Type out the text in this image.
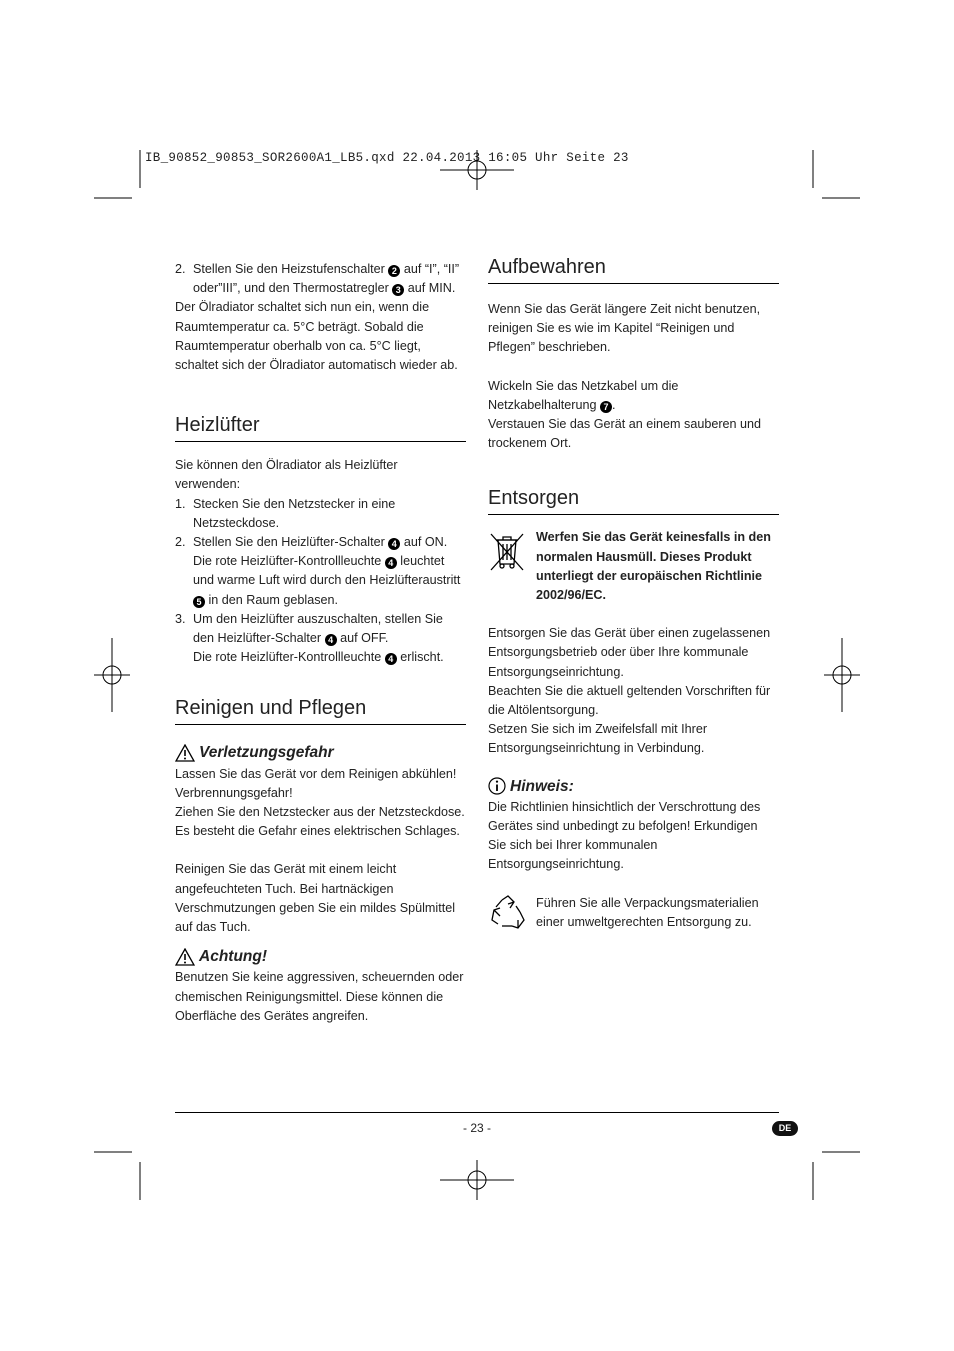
IB_90852_90853_SOR2600A1_LB5.qxd 22.04.2013 16:05 Uhr Seite 23
2. Stellen Sie den Heizstufenschalter 2 auf “I”, “II”
oder”III”, und den Thermostatregler 3 auf MIN.

Der Ölradiator schaltet sich nun ein, wenn die Raumtemperatur ca. 5°C beträgt. Sobald die Raumtemperatur oberhalb von ca. 5°C liegt, schaltet sich der Ölradiator automatisch wieder ab.

Heizlüfter

Sie können den Ölradiator als Heizlüfter verwenden:

1. Stecken Sie den Netzstecker in eine Netzsteckdose.
2. Stellen Sie den Heizlüfter-Schalter 4 auf ON.
Die rote Heizlüfter-Kontrollleuchte 4 leuchtet und warme Luft wird durch den Heizlüfteraustritt 5 in den Raum geblasen.
3. Um den Heizlüfter auszuschalten, stellen Sie den Heizlüfter-Schalter 4 auf OFF.
Die rote Heizlüfter-Kontrollleuchte 4 erlischt.
Reinigen und Pflegen
Verletzungsgefahr

Lassen Sie das Gerät vor dem Reinigen abkühlen! Verbrennungsgefahr!

Ziehen Sie den Netzstecker aus der Netzsteckdose. Es besteht die Gefahr eines elektrischen Schlages.

Reinigen Sie das Gerät mit einem leicht angefeuchteten Tuch. Bei hartnäckigen Verschmutzungen geben Sie ein mildes Spülmittel auf das Tuch.

Achtung!

Benutzen Sie keine aggressiven, scheuernden oder chemischen Reinigungsmittel. Diese können die Oberfläche des Gerätes angreifen.

Aufbewahren

Wenn Sie das Gerät längere Zeit nicht benutzen, reinigen Sie es wie im Kapitel “Reinigen und Pflegen” beschrieben.

Wickeln Sie das Netzkabel um die Netzkabelhalterung 7 .

Verstauen Sie das Gerät an einem sauberen und trockenem Ort.

Entsorgen

Werfen Sie das Gerät keinesfalls in den normalen Hausmüll. Dieses Produkt unterliegt der europäischen Richtlinie 2002/96/EC.

Entsorgen Sie das Gerät über einen zugelassenen Entsorgungsbetrieb oder über Ihre kommunale Entsorgungseinrichtung.

Beachten Sie die aktuell geltenden Vorschriften für die Altölentsorgung.

Setzen Sie sich im Zweifelsfall mit Ihrer Entsorgungseinrichtung in Verbindung.

Hinweis:

Die Richtlinien hinsichtlich der Verschrottung des Gerätes sind unbedingt zu befolgen! Erkundigen Sie sich bei Ihrer kommunalen Entsorgungseinrichtung.

Führen Sie alle Verpackungsmaterialien einer umweltgerechten Entsorgung zu.

- 23 -	DE
